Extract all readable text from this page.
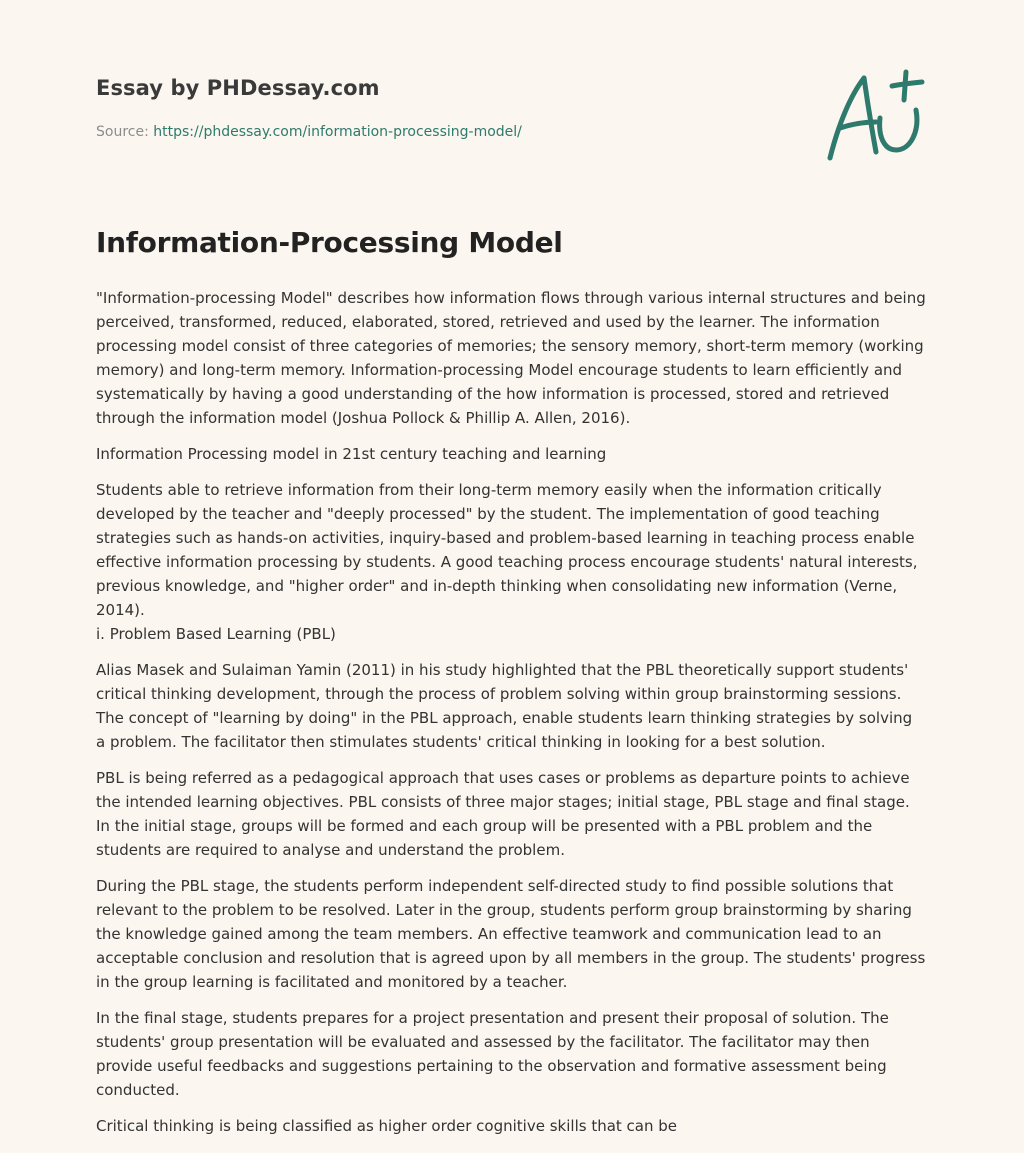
Essay by PHDessay.com
Source: https://phdessay.com/information-processing-model/
Information-Processing Model

"Information-processing Model" describes how information flows through various internal structures and being perceived, transformed, reduced, elaborated, stored, retrieved and used by the learner. The information processing model consist of three categories of memories; the sensory memory, short-term memory (working memory) and long-term memory. Information-processing Model encourage students to learn efficiently and systematically by having a good understanding of the how information is processed, stored and retrieved through the information model (Joshua Pollock & Phillip A. Allen, 2016).

Information Processing model in 21st century teaching and learning

Students able to retrieve information from their long-term memory easily when the information critically developed by the teacher and "deeply processed" by the student. The implementation of good teaching strategies such as hands-on activities, inquiry-based and problem-based learning in teaching process enable effective information processing by students. A good teaching process encourage students' natural interests, previous knowledge, and "higher order" and in-depth thinking when consolidating new information (Verne, 2014).

i. Problem Based Learning (PBL)

Alias Masek and Sulaiman Yamin (2011) in his study highlighted that the PBL theoretically support students' critical thinking development, through the process of problem solving within group brainstorming sessions. The concept of "learning by doing" in the PBL approach, enable students learn thinking strategies by solving a problem. The facilitator then stimulates students' critical thinking in looking for a best solution.

PBL is being referred as a pedagogical approach that uses cases or problems as departure points to achieve the intended learning objectives. PBL consists of three major stages; initial stage, PBL stage and final stage. In the initial stage, groups will be formed and each group will be presented with a PBL problem and the students are required to analyse and understand the problem.

During the PBL stage, the students perform independent self-directed study to find possible solutions that relevant to the problem to be resolved. Later in the group, students perform group brainstorming by sharing the knowledge gained among the team members. An effective teamwork and communication lead to an acceptable conclusion and resolution that is agreed upon by all members in the group. The students' progress in the group learning is facilitated and monitored by a teacher.

In the final stage, students prepares for a project presentation and present their proposal of solution. The students' group presentation will be evaluated and assessed by the facilitator. The facilitator may then provide useful feedbacks and suggestions pertaining to the observation and formative assessment being conducted.

Critical thinking is being classified as higher order cognitive skills that can be
